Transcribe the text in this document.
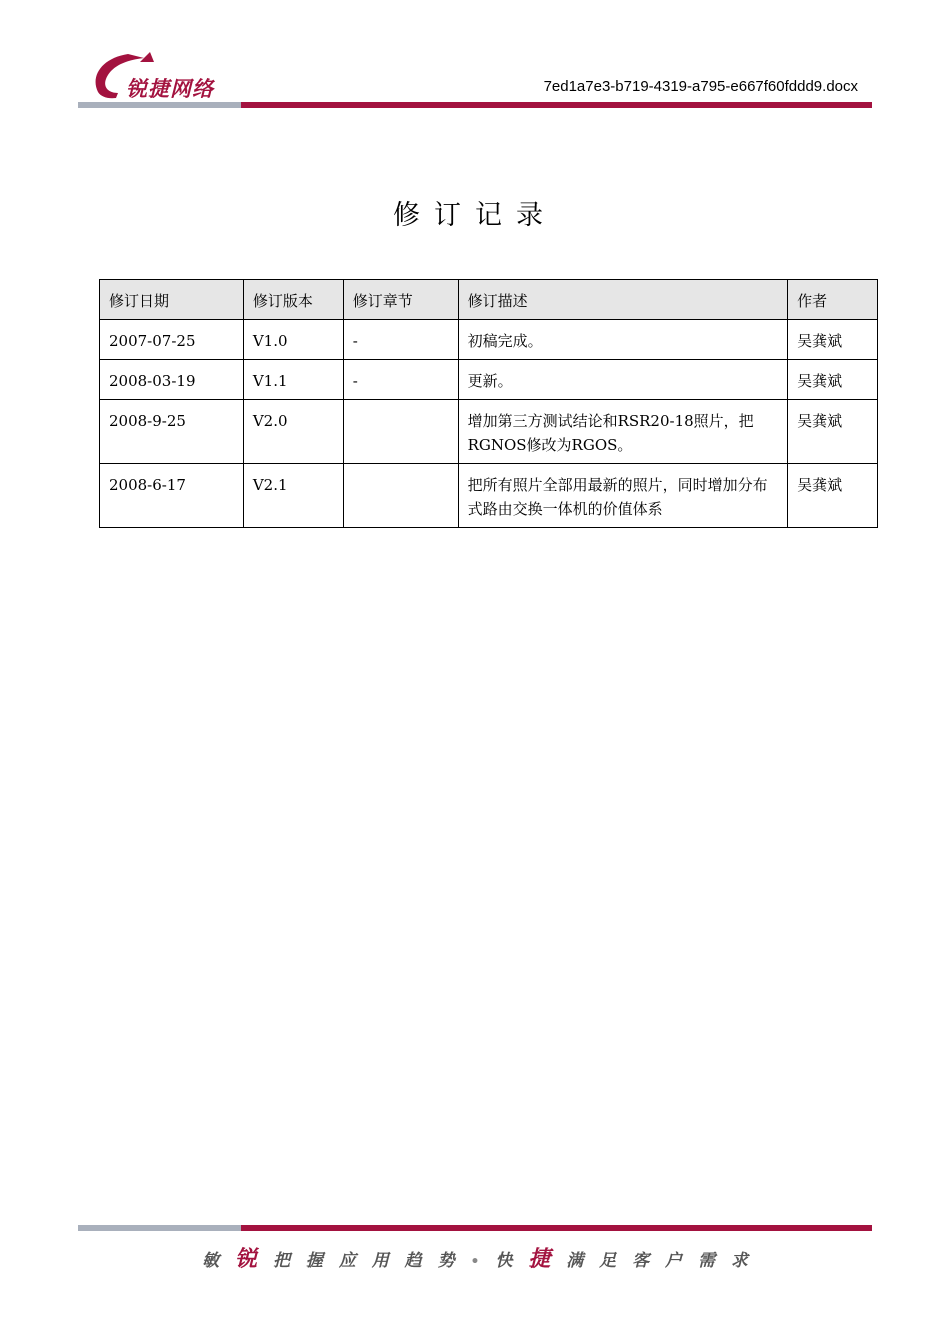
锐捷网络	7ed1a7e3-b719-4319-a795-e667f60fddd9.docx
修订记录
修订日期	修订版本	修订章节	修订描述	作者
2007-07-25	V1.0	-	初稿完成。	吴龚斌
2008-03-19	V1.1	-	更新。	吴龚斌
2008-9-25	V2.0		增加第三方测试结论和RSR20-18照片，把RGNOS修改为RGOS。	吴龚斌
2008-6-17	V2.1		把所有照片全部用最新的照片，同时增加分布式路由交换一体机的价值体系	吴龚斌
敏 锐 把 握 应 用 趋 势 • 快 捷 满 足 客 户 需 求
